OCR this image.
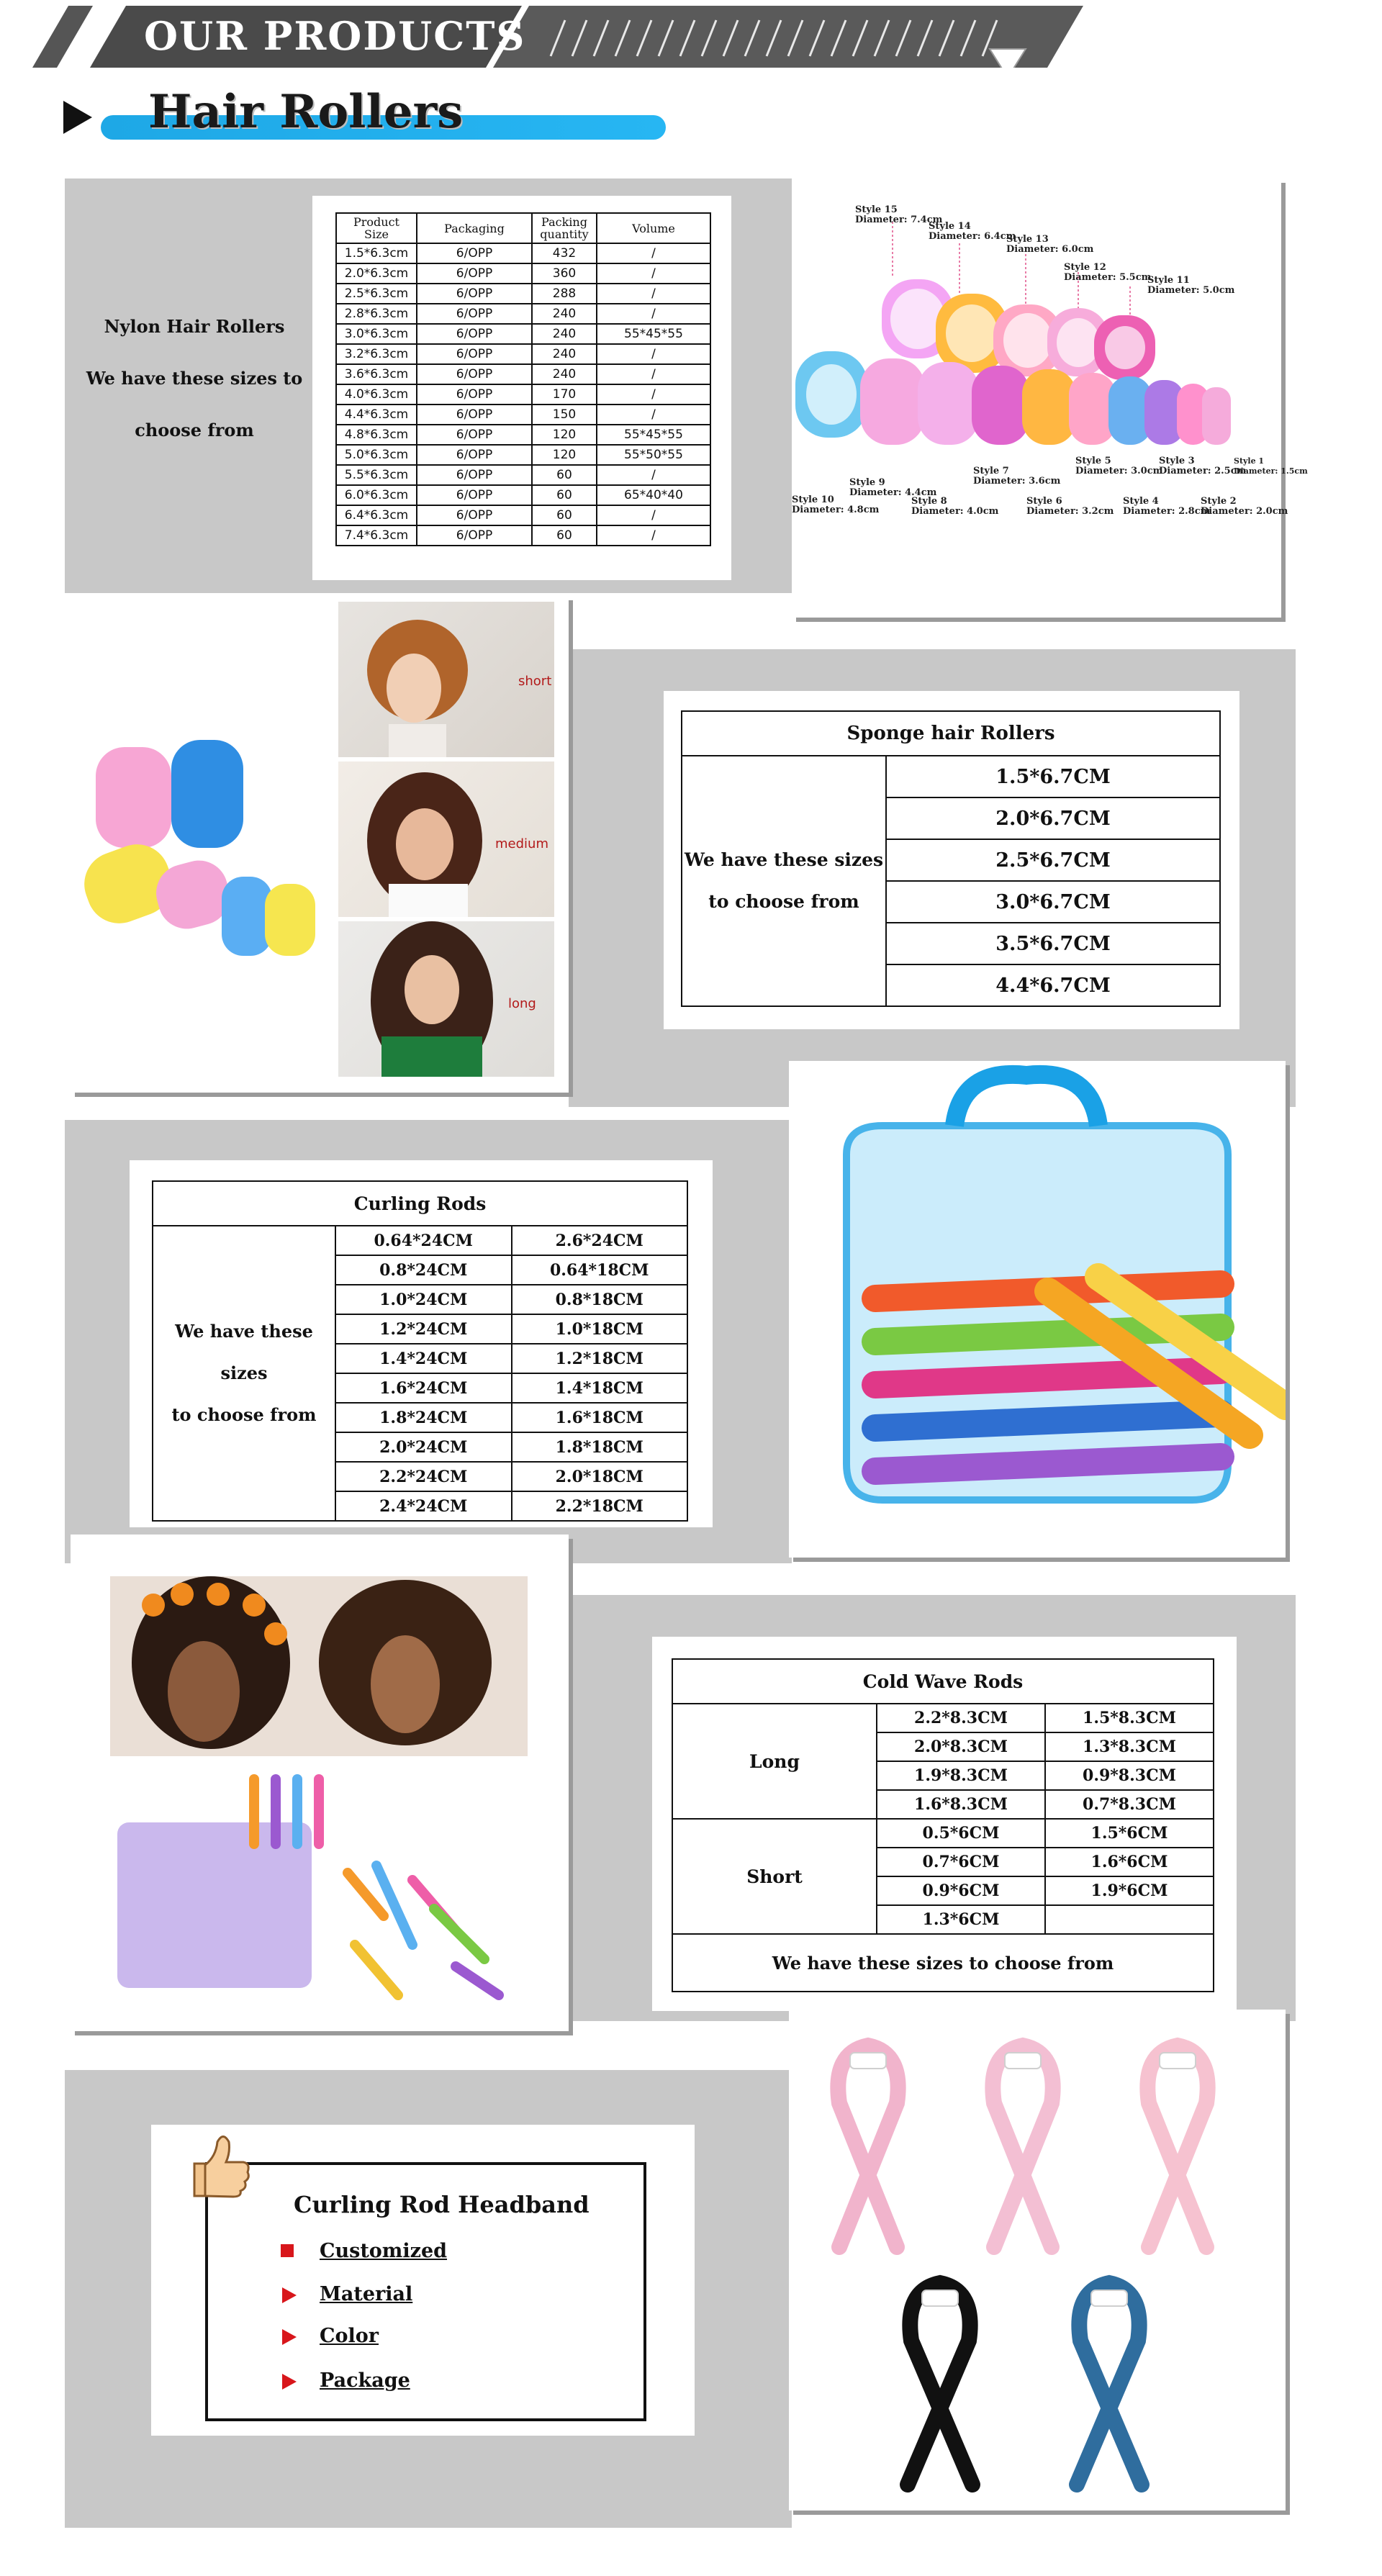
OUR PRODUCTS
Hair Rollers
Nylon Hair Rollers
We have these sizes to
choose from
Product Size	Packaging	Packing quantity	Volume
1.5*6.3cm	6/OPP	432	/
2.0*6.3cm	6/OPP	360	/
2.5*6.3cm	6/OPP	288	/
2.8*6.3cm	6/OPP	240	/
3.0*6.3cm	6/OPP	240	55*45*55
3.2*6.3cm	6/OPP	240	/
3.6*6.3cm	6/OPP	240	/
4.0*6.3cm	6/OPP	170	/
4.4*6.3cm	6/OPP	150	/
4.8*6.3cm	6/OPP	120	55*45*55
5.0*6.3cm	6/OPP	120	55*50*55
5.5*6.3cm	6/OPP	60	/
6.0*6.3cm	6/OPP	60	65*40*40
6.4*6.3cm	6/OPP	60	/
7.4*6.3cm	6/OPP	60	/
Style 15
Diameter: 7.4cm
Style 14
Diameter: 6.4cm
Style 13
Diameter: 6.0cm
Style 12
Diameter: 5.5cm
Style 11
Diameter: 5.0cm
Style 10
Diameter: 4.8cm
Style 9
Diameter: 4.4cm
Style 8
Diameter: 4.0cm
Style 7
Diameter: 3.6cm
Style 6
Diameter: 3.2cm
Style 5
Diameter: 3.0cm
Style 4
Diameter: 2.8cm
Style 3
Diameter: 2.5cm
Style 2
Diameter: 2.0cm
Style 1
Diameter: 1.5cm
short
medium
long
Sponge hair Rollers

We have these sizes
to choose from
	1.5*6.7CM
2.0*6.7CM
2.5*6.7CM
3.0*6.7CM
3.5*6.7CM
4.4*6.7CM
Curling Rods		

We have these sizes
to choose from	0.64*24CM	2.6*24CM
	0.8*24CM	0.64*18CM
	1.0*24CM	0.8*18CM
	1.2*24CM	1.0*18CM
	1.4*24CM	1.2*18CM
	1.6*24CM	1.4*18CM
	1.8*24CM	1.6*18CM
	2.0*24CM	1.8*18CM
	2.2*24CM	2.0*18CM
	2.4*24CM	2.2*18CM
Cold Wave Rods		
Long	2.2*8.3CM	1.5*8.3CM
	2.0*8.3CM	1.3*8.3CM
	1.9*8.3CM	0.9*8.3CM
	1.6*8.3CM	0.7*8.3CM
Short	0.5*6CM	1.5*6CM
	0.7*6CM	1.6*6CM
	0.9*6CM	1.9*6CM
	1.3*6CM	
We have these sizes to choose from		
Curling Rod Headband
Customized
Material
Color
Package
